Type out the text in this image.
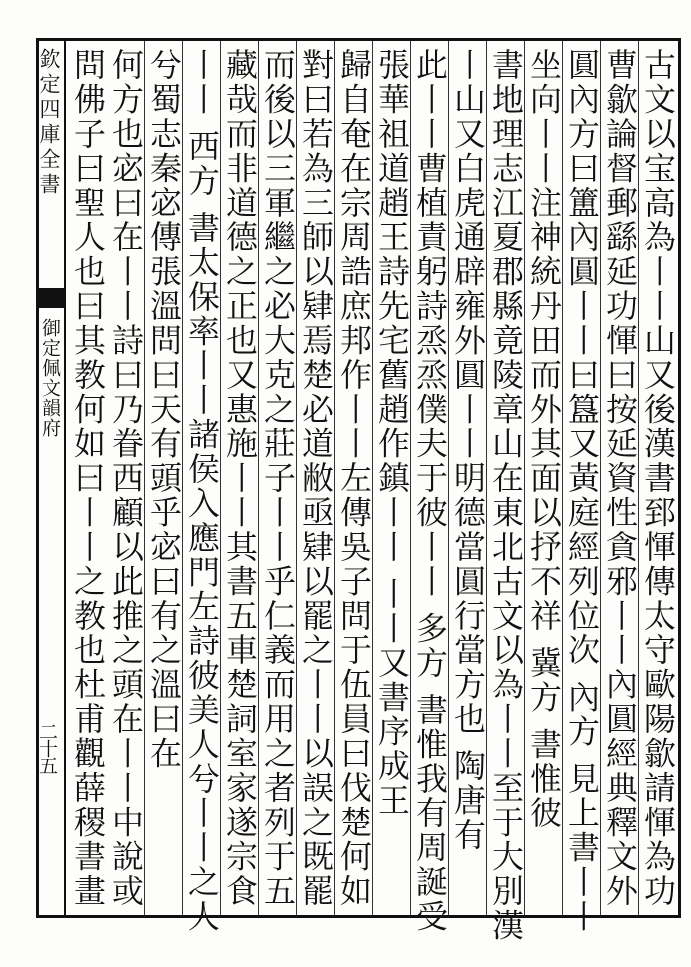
欽定四庫全書
御定佩文韻府
二十五	古文以宝高為丨丨山又後漢書郅惲傳太守歐陽歙請惲為功
曹歙論督郵繇延功惲曰按延資性貪邪丨丨內圓經典釋文外
圓內方曰簠內圓丨丨曰簋又黃庭經列位次 內方 見上書丨丨
坐向丨丨注神統丹田而外其面以抒不祥 冀方 書惟彼
書地理志江夏郡縣竟陵章山在東北古文以為丨丨至于大別漢
丨山又白虎通辟雍外圓丨丨明德當圓行當方也 陶唐有
此丨丨曹植責躬詩烝烝僕夫于彼丨丨 多方 書惟我有周誕受
張華祖道趙王詩先宅舊趙作鎮丨丨 丨丨又書序成王
歸自奄在宗周誥庶邦作丨丨左傳吳子問于伍員曰伐楚何如
對曰若為三師以肄焉楚必道敝亟肄以罷之丨丨以誤之既罷
而後以三軍繼之必大克之莊子丨丨乎仁義而用之者列于五
藏哉而非道德之正也又惠施丨丨其書五車楚詞室家遂宗食
丨丨 西方 書太保率丨丨諸侯入應門左詩彼美人兮丨丨之人
兮蜀志秦宓傳張溫問曰天有頭乎宓曰有之溫曰在
何方也宓曰在丨丨詩曰乃眷西顧以此推之頭在丨丨中說或
問佛子曰聖人也曰其教何如曰丨丨之教也杜甫觀薛稷書畫
